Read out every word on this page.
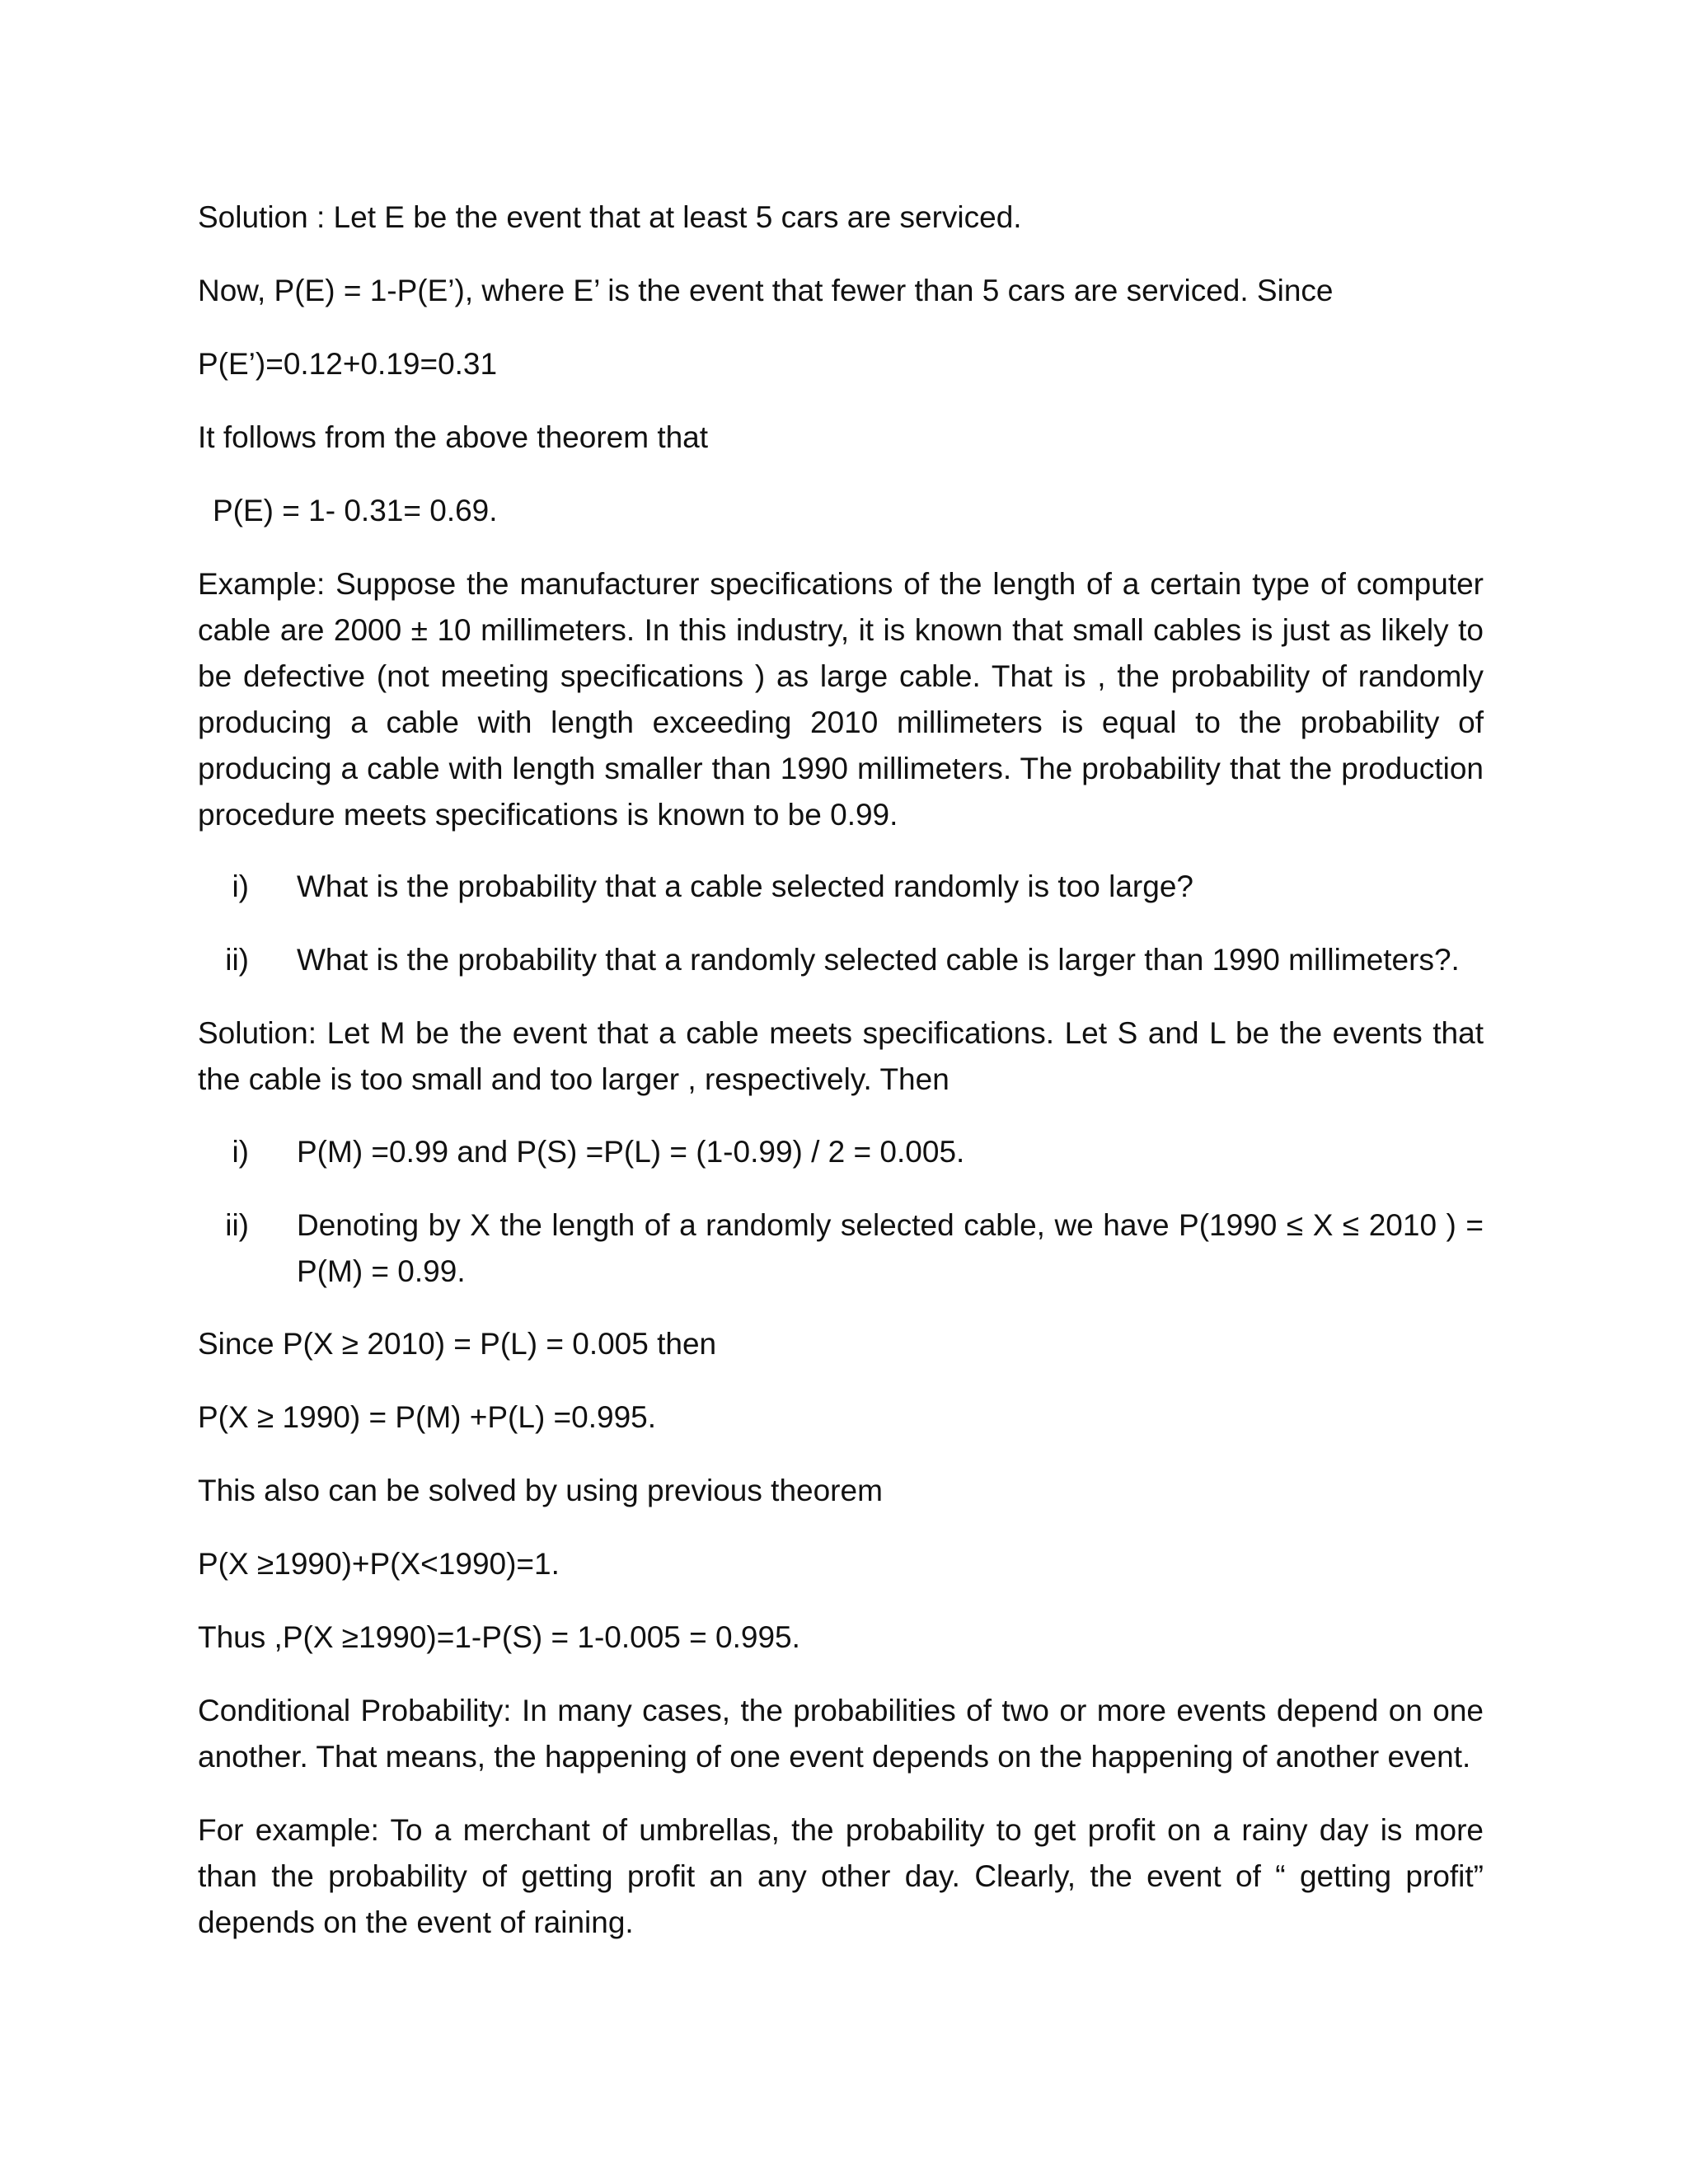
Solution : Let E be the event that at least 5 cars are serviced.

Now, P(E) = 1-P(E’), where E’ is the event that fewer than 5 cars are serviced. Since

P(E’)=0.12+0.19=0.31

It follows from the above theorem that

P(E) = 1- 0.31= 0.69.

Example: Suppose the manufacturer specifications of the length of a certain type of computer cable are 2000 ± 10 millimeters. In this industry, it is known that small cables is just as likely to be defective (not meeting specifications ) as large cable. That is , the probability of randomly producing a cable with length exceeding 2010 millimeters is equal to the probability of producing a cable with length smaller than 1990 millimeters. The probability that the production procedure meets specifications is known to be 0.99.

i) What is the probability that a cable selected randomly is too large?
ii) What is the probability that a randomly selected cable is larger than 1990 millimeters?.

Solution: Let M be the event that a cable meets specifications. Let S and L be the events that the cable is too small and too larger , respectively. Then

i) P(M) =0.99 and P(S) =P(L) = (1-0.99) / 2 = 0.005.
ii) Denoting by X the length of a randomly selected cable, we have P(1990 ≤ X ≤ 2010 ) = P(M) = 0.99.

Since P(X ≥ 2010) = P(L) = 0.005 then

P(X ≥ 1990) = P(M) +P(L) =0.995.

This also can be solved by using previous theorem

P(X ≥1990)+P(X<1990)=1.

Thus ,P(X ≥1990)=1-P(S) = 1-0.005 = 0.995.

Conditional Probability: In many cases, the probabilities of two or more events depend on one another. That means, the happening of one event depends on the happening of another event.

For example: To a merchant of umbrellas, the probability to get profit on a rainy day is more than the probability of getting profit an any other day. Clearly, the event of “ getting profit” depends on the event of raining.
